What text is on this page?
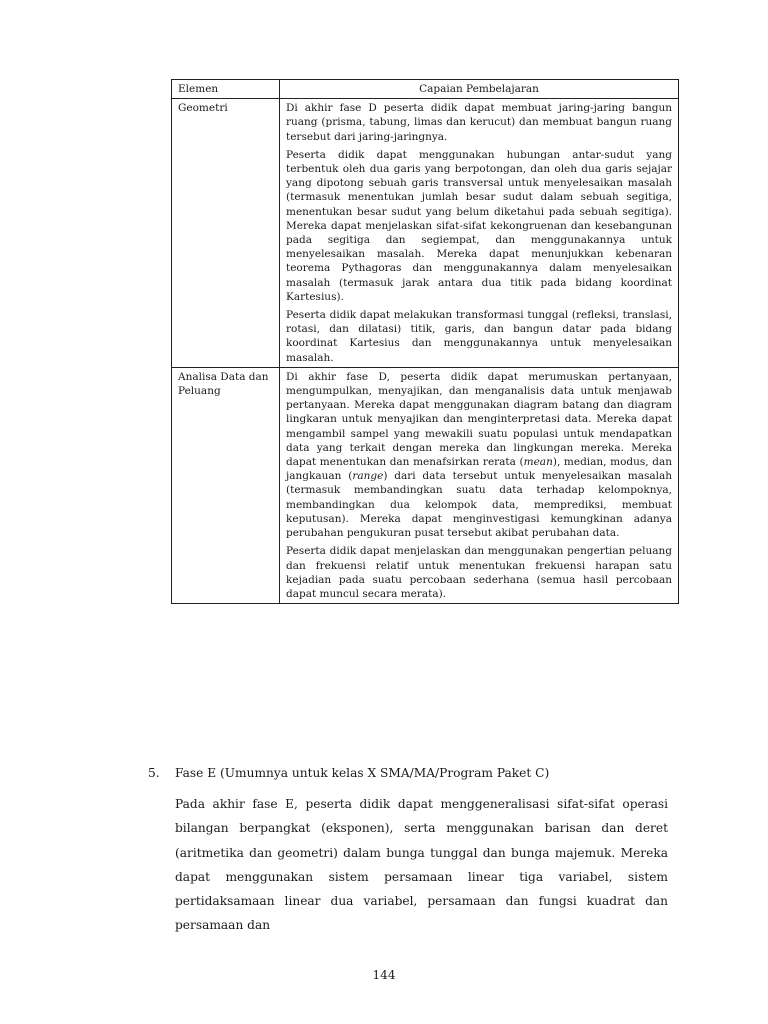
Elemen	Capaian Pembelajaran
Geometri	Di akhir fase D peserta didik dapat membuat jaring-jaring bangun ruang (prisma, tabung, limas dan kerucut) dan membuat bangun ruang tersebut dari jaring-jaringnya.

Peserta didik dapat menggunakan hubungan antar-sudut yang terbentuk oleh dua garis yang berpotongan, dan oleh dua garis sejajar yang dipotong sebuah garis transversal untuk menyelesaikan masalah (termasuk menentukan jumlah besar sudut dalam sebuah segitiga, menentukan besar sudut yang belum diketahui pada sebuah segitiga). Mereka dapat menjelaskan sifat-sifat kekongruenan dan kesebangunan pada segitiga dan segiempat, dan menggunakannya untuk menyelesaikan masalah. Mereka dapat menunjukkan kebenaran teorema Pythagoras dan menggunakannya dalam menyelesaikan masalah (termasuk jarak antara dua titik pada bidang koordinat Kartesius).

Peserta didik dapat melakukan transformasi tunggal (refleksi, translasi, rotasi, dan dilatasi) titik, garis, dan bangun datar pada bidang koordinat Kartesius dan menggunakannya untuk menyelesaikan masalah.

Analisa Data dan Peluang	Di akhir fase D, peserta didik dapat merumuskan pertanyaan, mengumpulkan, menyajikan, dan menganalisis data untuk menjawab pertanyaan. Mereka dapat menggunakan diagram batang dan diagram lingkaran untuk menyajikan dan menginterpretasi data. Mereka dapat mengambil sampel yang mewakili suatu populasi untuk mendapatkan data yang terkait dengan mereka dan lingkungan mereka. Mereka dapat menentukan dan menafsirkan rerata (mean), median, modus, dan jangkauan (range) dari data tersebut untuk menyelesaikan masalah (termasuk membandingkan suatu data terhadap kelompoknya, membandingkan dua kelompok data, memprediksi, membuat keputusan). Mereka dapat menginvestigasi kemungkinan adanya perubahan pengukuran pusat tersebut akibat perubahan data.

Peserta didik dapat menjelaskan dan menggunakan pengertian peluang dan frekuensi relatif untuk menentukan frekuensi harapan satu kejadian pada suatu percobaan sederhana (semua hasil percobaan dapat muncul secara merata).

5.	Fase E (Umumnya untuk kelas X SMA/MA/Program Paket C)
Pada akhir fase E, peserta didik dapat menggeneralisasi sifat-sifat operasi bilangan berpangkat (eksponen), serta menggunakan barisan dan deret (aritmetika dan geometri) dalam bunga tunggal dan bunga majemuk. Mereka dapat menggunakan sistem persamaan linear tiga variabel, sistem pertidaksamaan linear dua variabel, persamaan dan fungsi kuadrat dan persamaan dan
144
